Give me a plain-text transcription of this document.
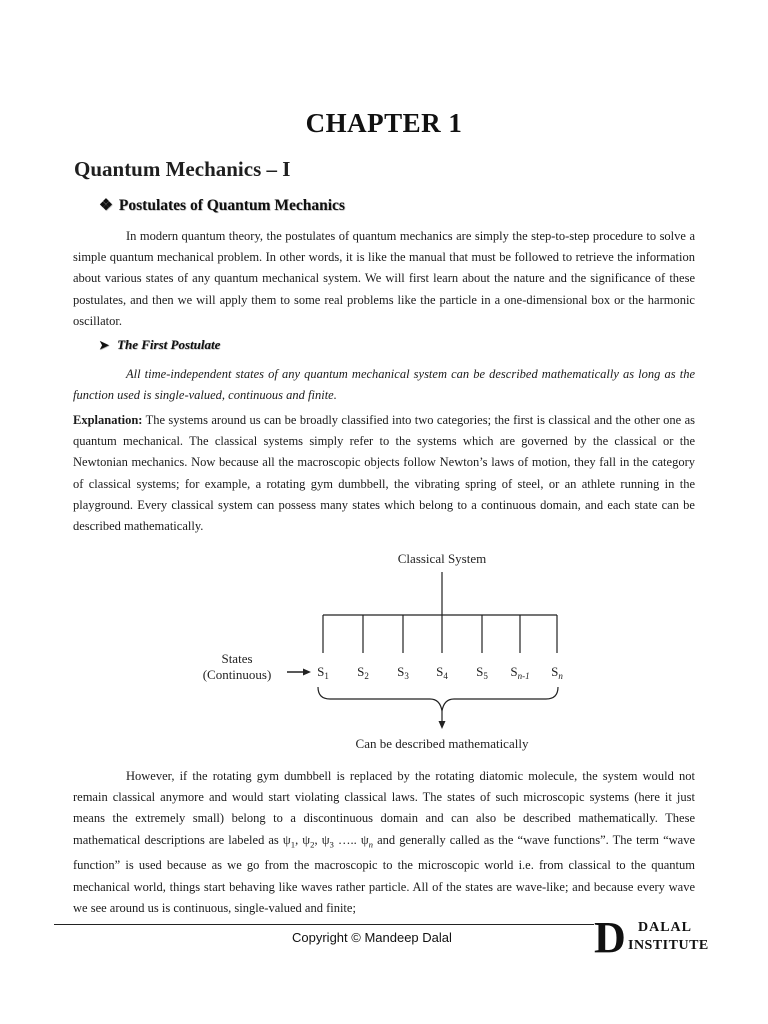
CHAPTER 1
Quantum Mechanics – I
❖ Postulates of Quantum Mechanics
In modern quantum theory, the postulates of quantum mechanics are simply the step-to-step procedure to solve a simple quantum mechanical problem. In other words, it is like the manual that must be followed to retrieve the information about various states of any quantum mechanical system. We will first learn about the nature and the significance of these postulates, and then we will apply them to some real problems like the particle in a one-dimensional box or the harmonic oscillator.
➤ The First Postulate
All time-independent states of any quantum mechanical system can be described mathematically as long as the function used is single-valued, continuous and finite.
Explanation: The systems around us can be broadly classified into two categories; the first is classical and the other one as quantum mechanical. The classical systems simply refer to the systems which are governed by the classical or the Newtonian mechanics. Now because all the macroscopic objects follow Newton’s laws of motion, they fall in the category of classical systems; for example, a rotating gym dumbbell, the vibrating spring of steel, or an athlete running in the playground. Every classical system can possess many states which belong to a continuous domain, and each state can be described mathematically.
Classical System
States
(Continuous)	$S_1$ $S_2$ $S_3$ $S_4$ $S_5$ $S_{n-1}$ $S_n$
Can be described mathematically
However, if the rotating gym dumbbell is replaced by the rotating diatomic molecule, the system would not remain classical anymore and would start violating classical laws. The states of such microscopic systems (here it just means the extremely small) belong to a discontinuous domain and can also be described mathematically. These mathematical descriptions are labeled as $\psi_1$, $\psi_2$, $\psi_3$ ….. $\psi_n$ and generally called as the “wave functions”. The term “wave function” is used because as we go from the macroscopic to the microscopic world i.e. from classical to the quantum mechanical world, things start behaving like waves rather particle. All of the states are wave-like; and because every wave we see around us is continuous, single-valued and finite;
Copyright © Mandeep Dalal	D DALAL
INSTITUTE
